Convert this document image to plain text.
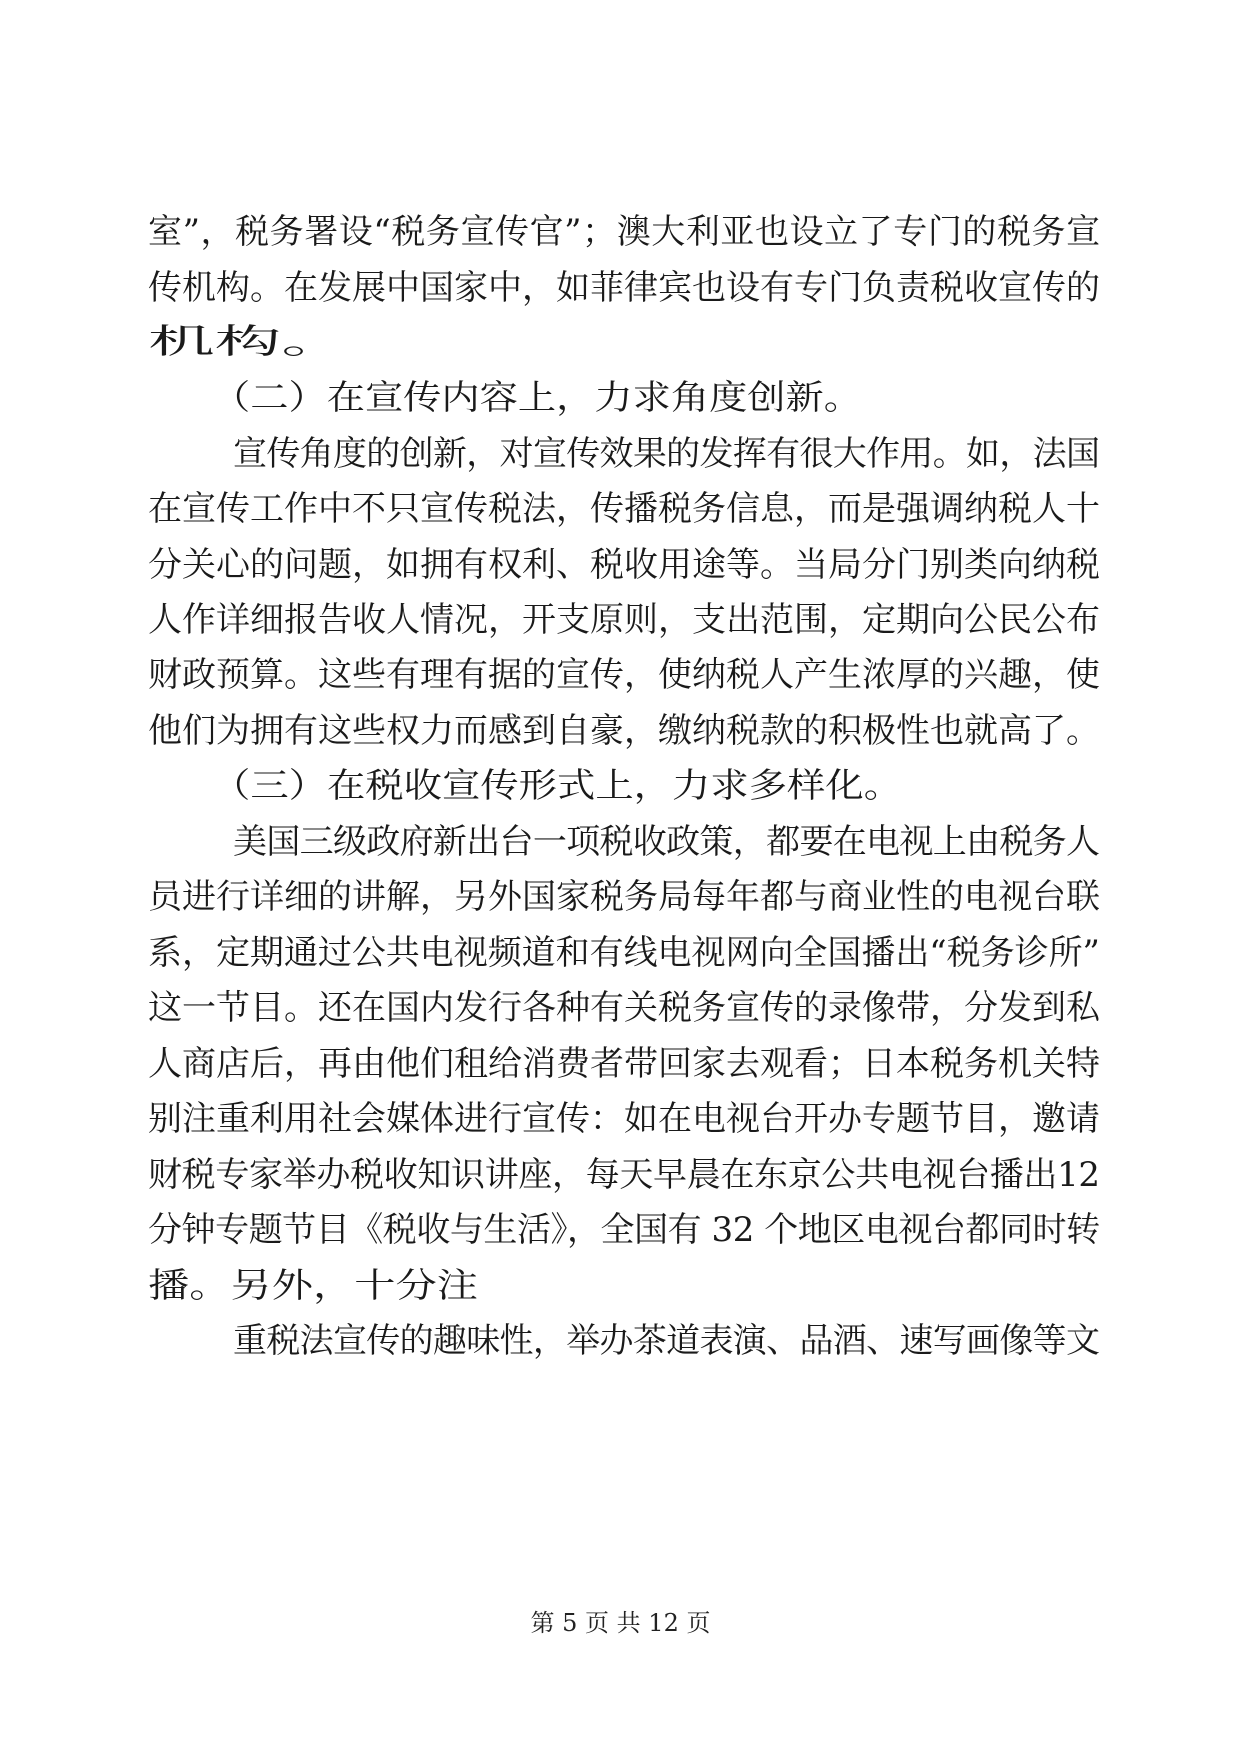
室”，税务署设“税务宣传官”；澳大利亚也设立了专门的税务宣

传机构。在发展中国家中，如菲律宾也设有专门负责税收宣传的

机构。

（二）在宣传内容上，力求角度创新。

宣传角度的创新，对宣传效果的发挥有很大作用。如，法国

在宣传工作中不只宣传税法，传播税务信息，而是强调纳税人十

分关心的问题，如拥有权利、税收用途等。当局分门别类向纳税

人作详细报告收人情况，开支原则，支出范围，定期向公民公布

财政预算。这些有理有据的宣传，使纳税人产生浓厚的兴趣，使

他们为拥有这些权力而感到自豪，缴纳税款的积极性也就高了。

（三）在税收宣传形式上，力求多样化。

美国三级政府新出台一项税收政策，都要在电视上由税务人

员进行详细的讲解，另外国家税务局每年都与商业性的电视台联

系，定期通过公共电视频道和有线电视网向全国播出“税务诊所”

这一节目。还在国内发行各种有关税务宣传的录像带，分发到私

人商店后，再由他们租给消费者带回家去观看；日本税务机关特

别注重利用社会媒体进行宣传：如在电视台开办专题节目，邀请

财税专家举办税收知识讲座，每天早晨在东京公共电视台播出12

分钟专题节目《税收与生活》，全国有 32 个地区电视台都同时转

播。另外，十分注

重税法宣传的趣味性，举办茶道表演、品酒、速写画像等文

第 5 页 共 12 页
